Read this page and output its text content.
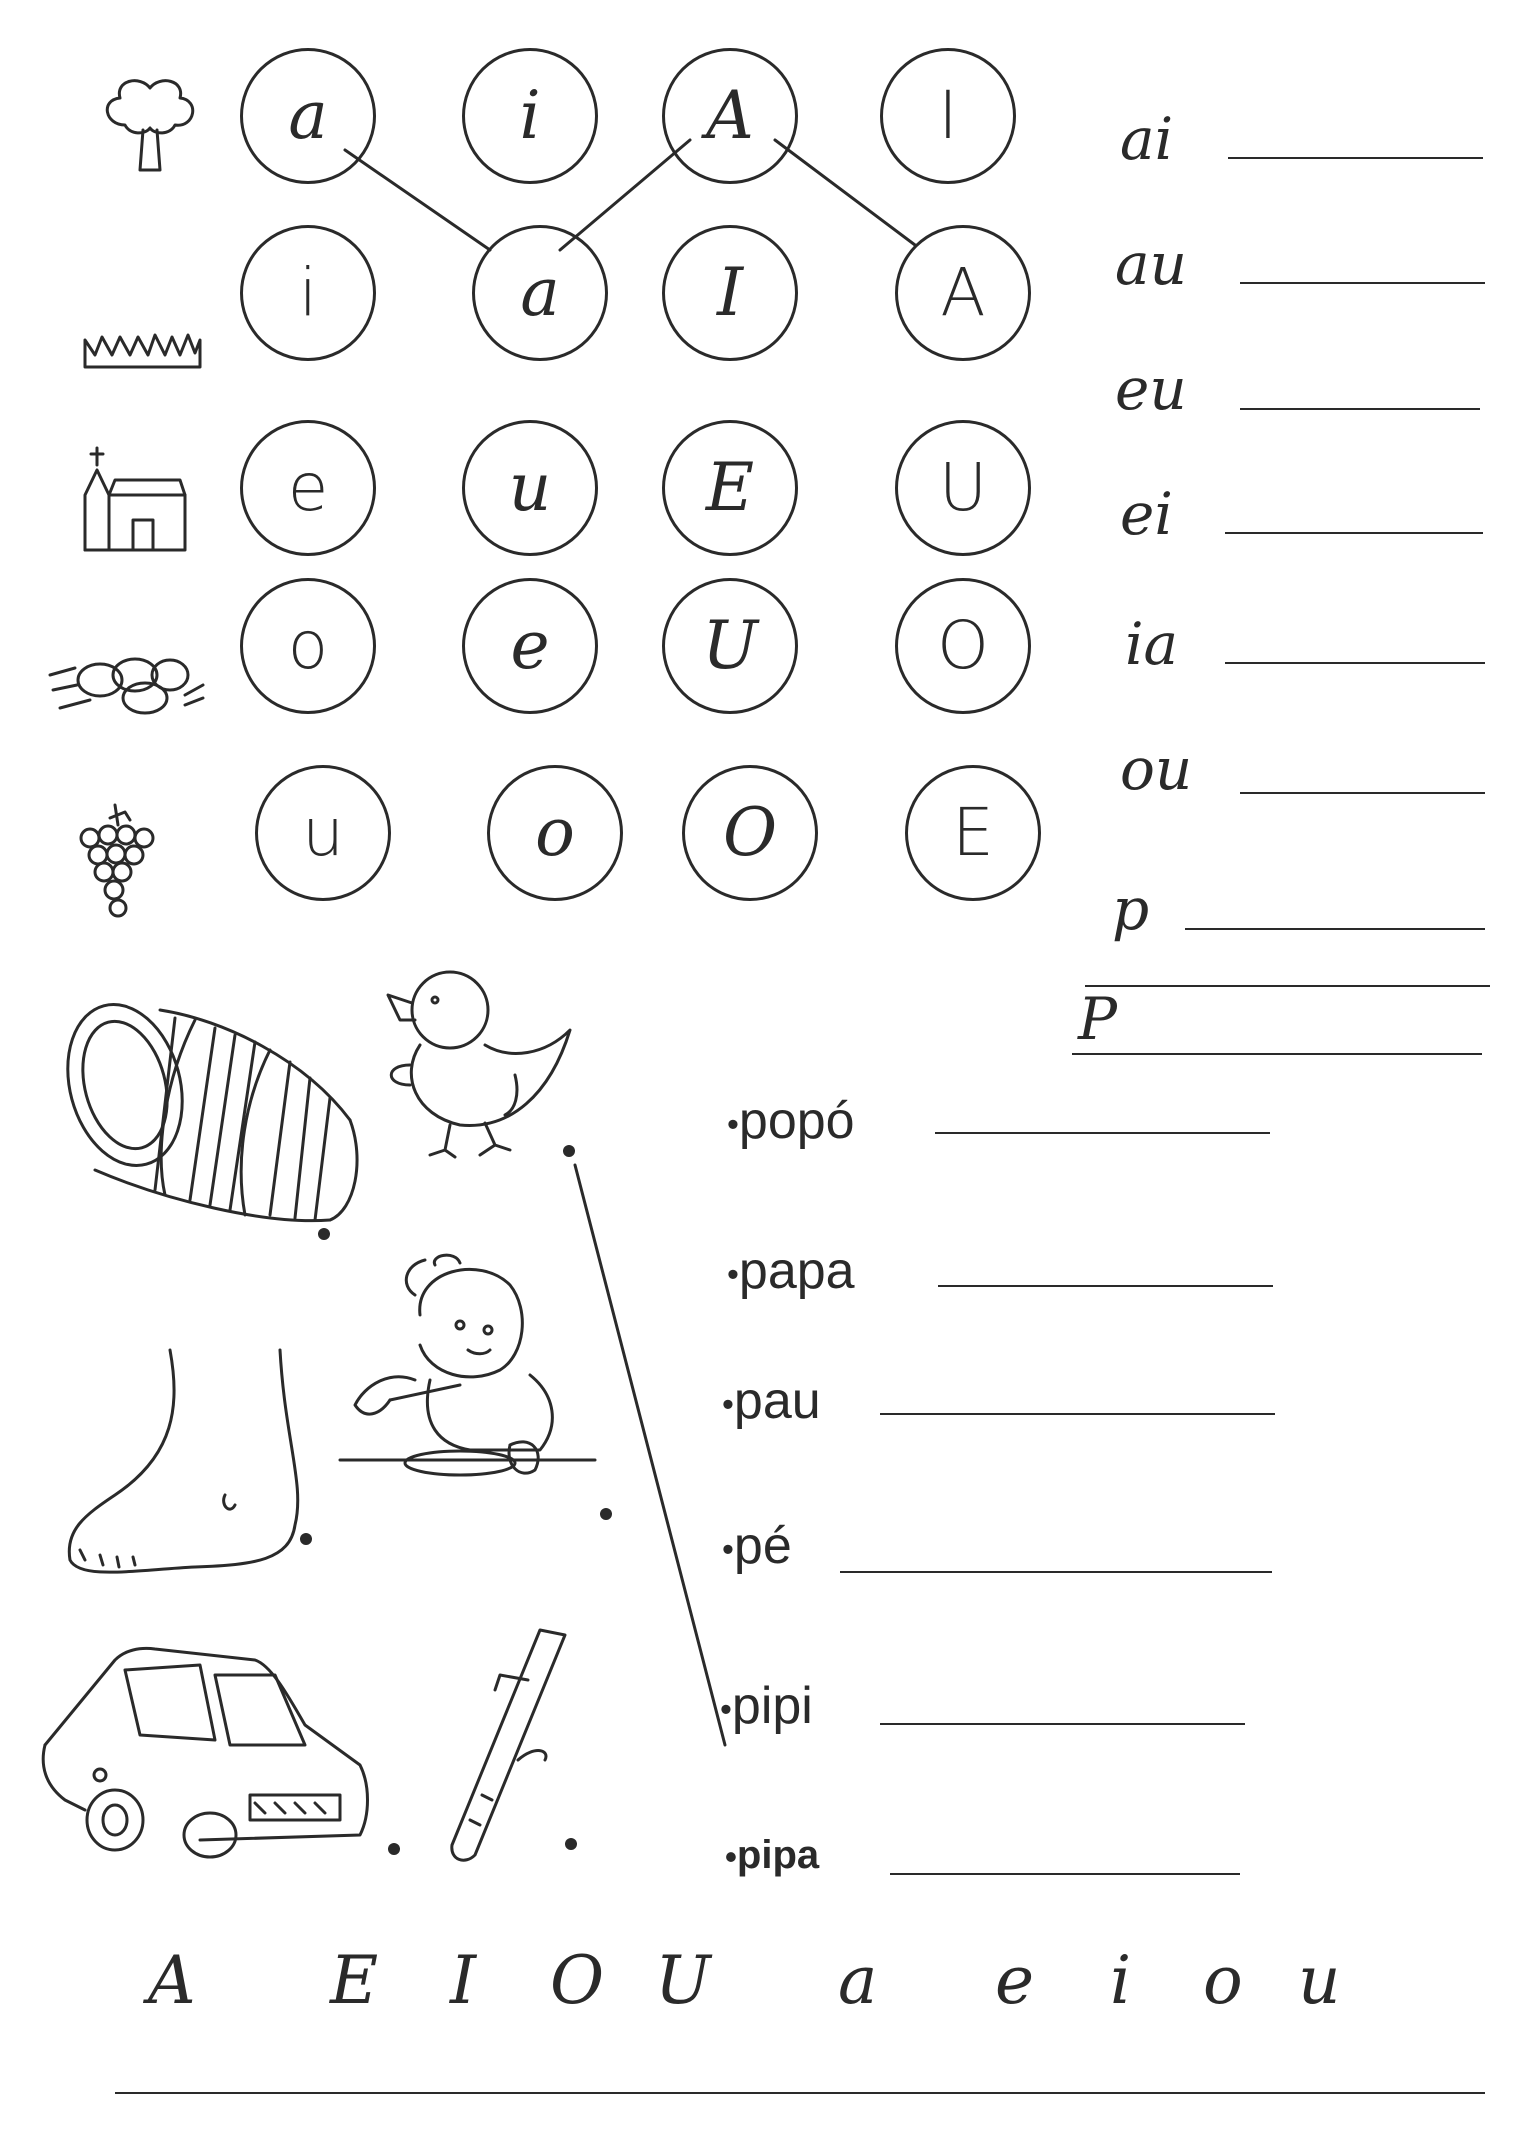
a	i	A	I
i	a	I	A
e	u	E	U
o	e	U	O
u	o	O	E
ai
au
eu
ei
ia
ou
p
P
•popó
•papa
•pau
•pé
•pipi
•pipa
A E I O U a e i o u
